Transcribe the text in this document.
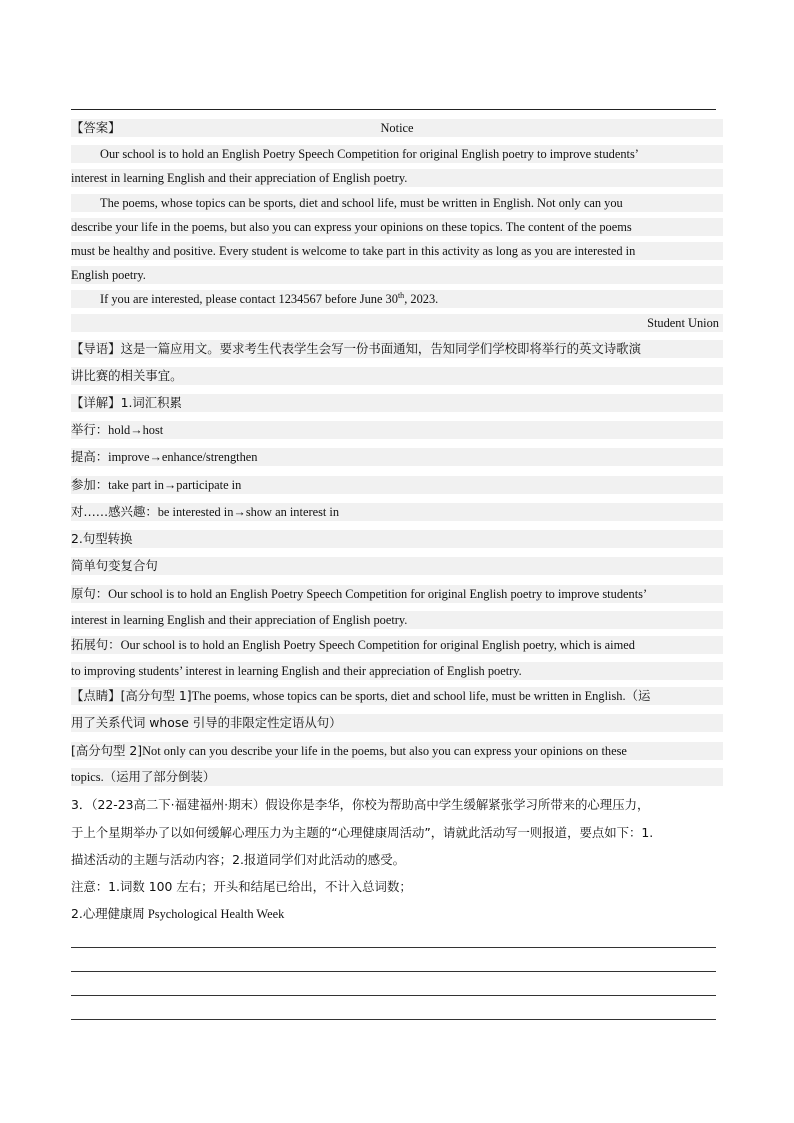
【答案】	Notice
Our school is to hold an English Poetry Speech Competition for original English poetry to improve students’
interest in learning English and their appreciation of English poetry.
The poems, whose topics can be sports, diet and school life, must be written in English. Not only can you
describe your life in the poems, but also you can express your opinions on these topics. The content of the poems
must be healthy and positive. Every student is welcome to take part in this activity as long as you are interested in
English poetry.
If you are interested, please contact 1234567 before June 30th, 2023.
Student Union
【导语】这是一篇应用文。要求考生代表学生会写一份书面通知，告知同学们学校即将举行的英文诗歌演
讲比赛的相关事宜。
【详解】1.词汇积累
举行：hold→host
提高：improve→enhance/strengthen
参加：take part in→participate in
对……感兴趣：be interested in→show an interest in
2.句型转换
简单句变复合句
原句：Our school is to hold an English Poetry Speech Competition for original English poetry to improve students’
interest in learning English and their appreciation of English poetry.
拓展句：Our school is to hold an English Poetry Speech Competition for original English poetry, which is aimed
to improving students’ interest in learning English and their appreciation of English poetry.
【点睛】[高分句型 1]The poems, whose topics can be sports, diet and school life, must be written in English.（运
用了关系代词 whose 引导的非限定性定语从句）
[高分句型 2]Not only can you describe your life in the poems, but also you can express your opinions on these
topics.（运用了部分倒装）
3．（22-23高二下·福建福州·期末）假设你是李华，你校为帮助高中学生缓解紧张学习所带来的心理压力，
于上个星期举办了以如何缓解心理压力为主题的“心理健康周活动”，请就此活动写一则报道，要点如下：1.
描述活动的主题与活动内容；2.报道同学们对此活动的感受。
注意：1.词数 100 左右；开头和结尾已给出，不计入总词数；
2.心理健康周 Psychological Health Week
